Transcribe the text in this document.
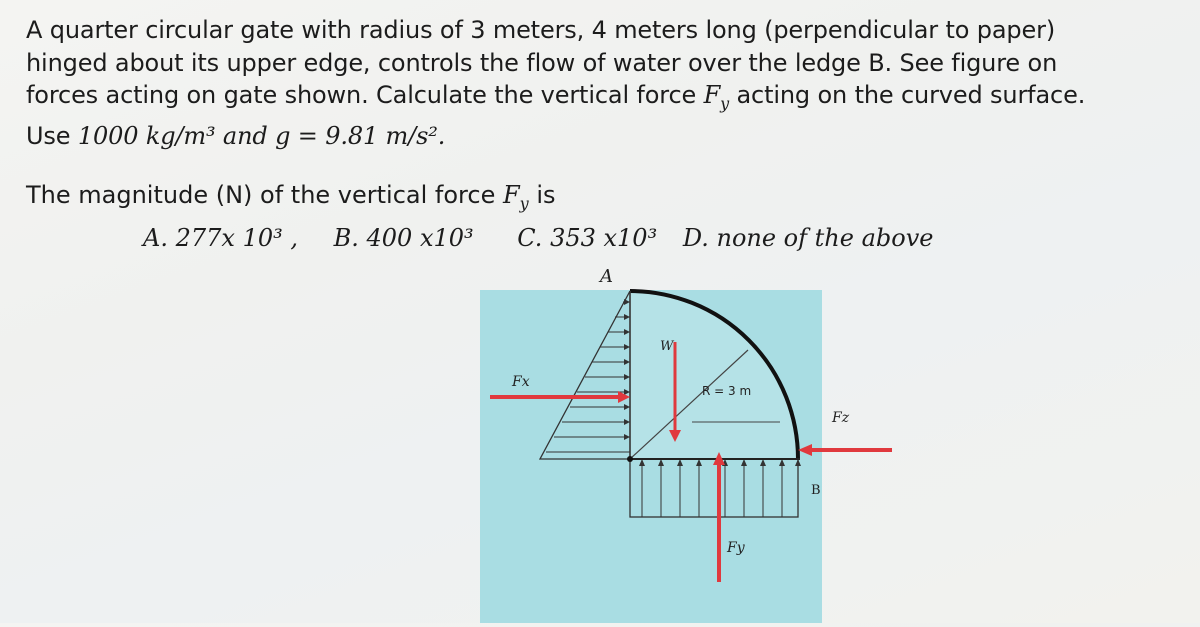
A quarter circular gate with radius of 3 meters, 4 meters long (perpendicular to paper)
hinged about its upper edge, controls the flow of water over the ledge B. See figure on
forces acting on gate shown. Calculate the vertical force $F_y$ acting on the curved surface.
Use 1000 kg/m³ and g = 9.81 m/s².
The magnitude (N) of the vertical force $F_y$ is
A. 277x 10³ , B. 400 x10³ C. 353 x10³ D. none of the above
A
W
Fx
R = 3 m
Fz
B
Fy
